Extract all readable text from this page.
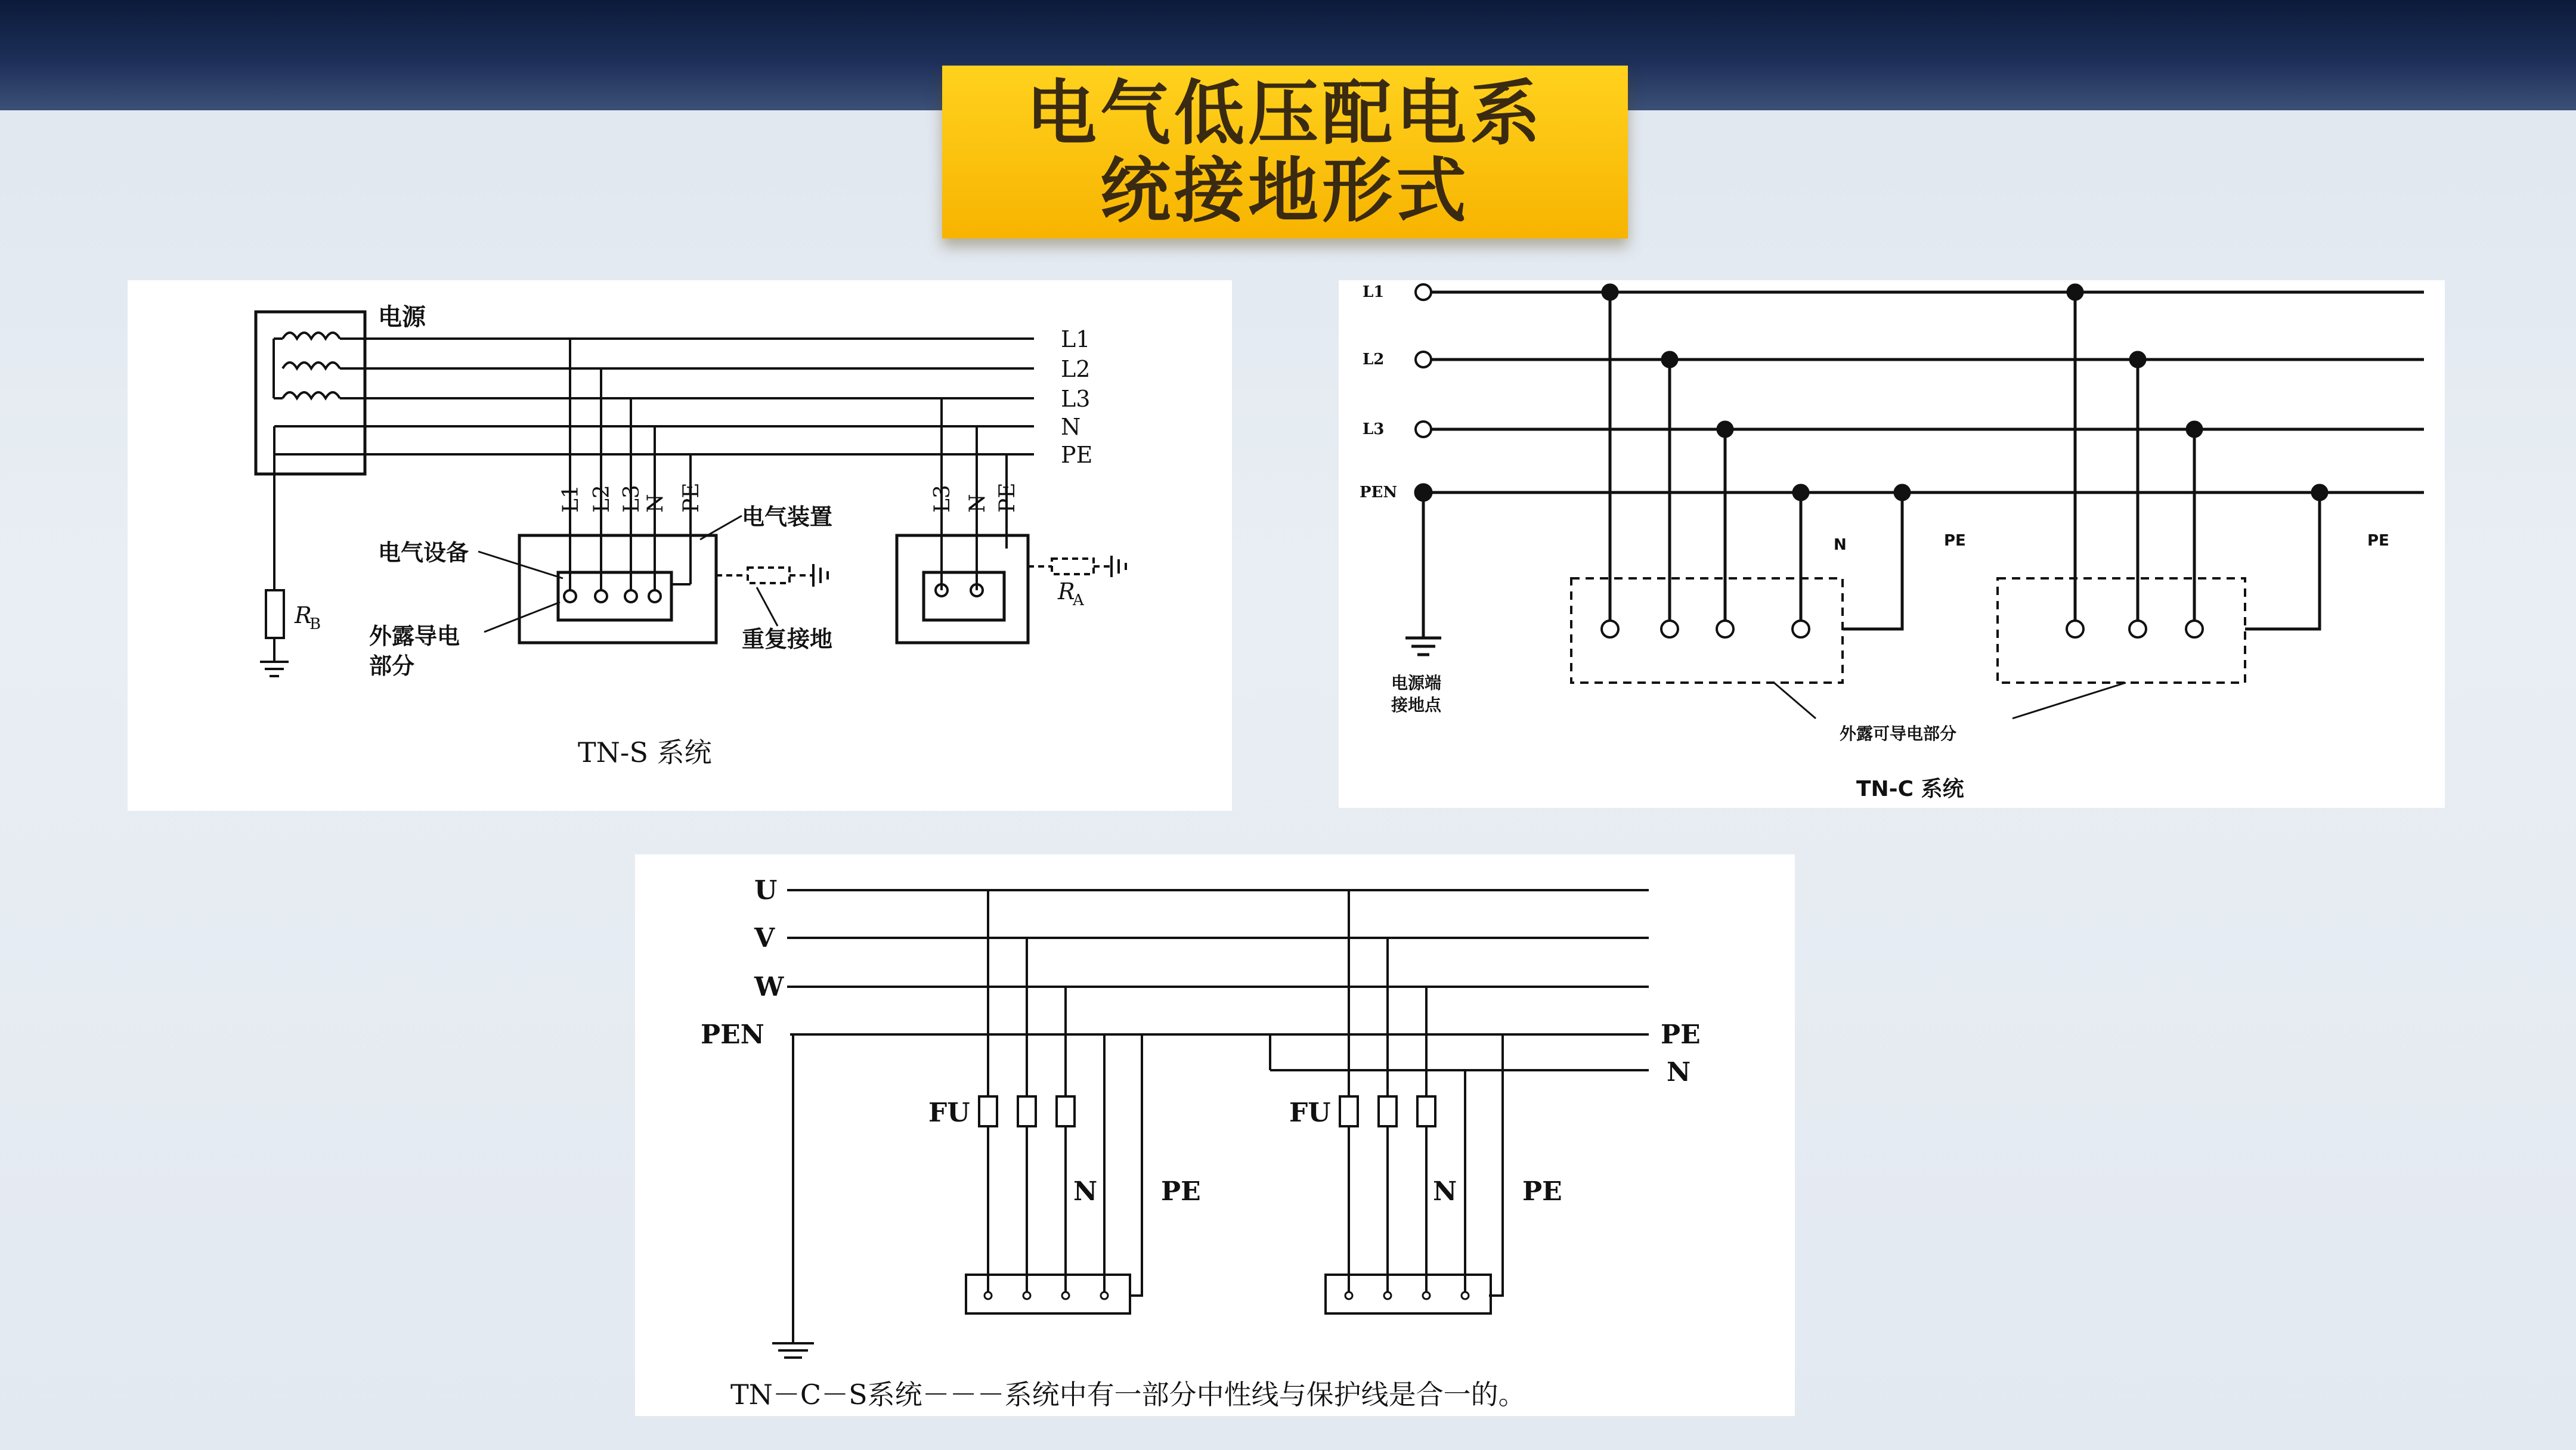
电气低压配电系
统接地形式
电源
L1
L2
L3
N
PE
L1 L2 L3 N PE	L3 N PE
电气设备
电气装置
外露导电
部分
重复接地
R
B
R
A
TN-S 系统
L1
L2
L3
PEN
N	PE	PE
电源端
接地点
外露可导电部分
TN-C 系统
U
V
W
PEN	PE
N
FU	FU
N PE	N PE
TN－C－S系统－－－系统中有一部分中性线与保护线是合一的。
